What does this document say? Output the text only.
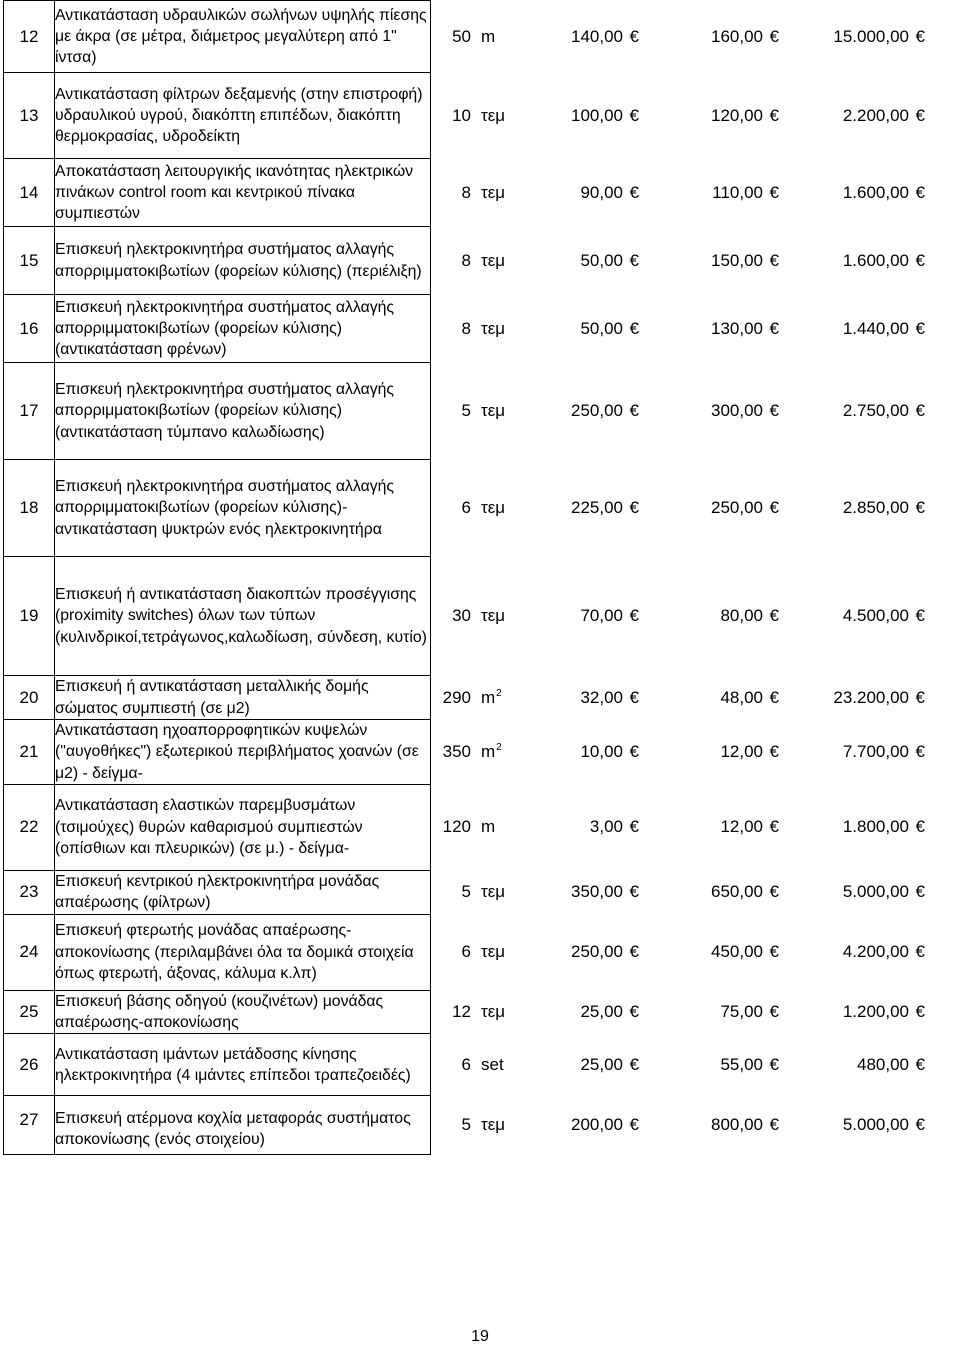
12	Αντικατάσταση υδραυλικών σωλήνων υψηλής πίεσης με άκρα (σε μέτρα, διάμετρος μεγαλύτερη από 1" ίντσα)	50 m 140,00 € 160,00 € 15.000,00 €

13	Αντικατάσταση φίλτρων δεξαμενής (στην επιστροφή) υδραυλικού υγρού, διακόπτη επιπέδων, διακόπτη θερμοκρασίας, υδροδείκτη	10 τεμ 100,00 € 120,00 € 2.200,00 €

14	Αποκατάσταση λειτουργικής ικανότητας ηλεκτρικών πινάκων control room και κεντρικού πίνακα συμπιεστών	8 τεμ 90,00 € 110,00 € 1.600,00 €

15	Επισκευή ηλεκτροκινητήρα συστήματος αλλαγής απορριμματοκιβωτίων (φορείων κύλισης) (περιέλιξη)	8 τεμ 50,00 € 150,00 € 1.600,00 €

16	Επισκευή ηλεκτροκινητήρα συστήματος αλλαγής απορριμματοκιβωτίων (φορείων κύλισης) (αντικατάσταση φρένων)	8 τεμ 50,00 € 130,00 € 1.440,00 €

17	Επισκευή ηλεκτροκινητήρα συστήματος αλλαγής απορριμματοκιβωτίων (φορείων κύλισης) (αντικατάσταση τύμπανο καλωδίωσης)	5 τεμ 250,00 € 300,00 € 2.750,00 €

18	Επισκευή ηλεκτροκινητήρα συστήματος αλλαγής απορριμματοκιβωτίων (φορείων κύλισης)- αντικατάσταση ψυκτρών ενός ηλεκτροκινητήρα	6 τεμ 225,00 € 250,00 € 2.850,00 €

19	Επισκευή ή αντικατάσταση διακοπτών προσέγγισης (proximity switches) όλων των τύπων (κυλινδρικοί,τετράγωνος,καλωδίωση, σύνδεση, κυτίο)	30 τεμ 70,00 € 80,00 € 4.500,00 €

20	Επισκευή ή αντικατάσταση μεταλλικής δομής σώματος συμπιεστή (σε μ2)	290 $m^2$ 32,00 € 48,00 € 23.200,00 €

21	Αντικατάσταση ηχοαπορροφητικών κυψελών ("αυγοθήκες") εξωτερικού περιβλήματος χοανών (σε μ2) - δείγμα-	350 $m^2$ 10,00 € 12,00 € 7.700,00 €

22	Αντικατάσταση ελαστικών παρεμβυσμάτων (τσιμούχες) θυρών καθαρισμού συμπιεστών (οπίσθιων και πλευρικών) (σε μ.) - δείγμα-	120 m 3,00 € 12,00 € 1.800,00 €

23	Επισκευή κεντρικού ηλεκτροκινητήρα μονάδας απαέρωσης (φίλτρων)	5 τεμ 350,00 € 650,00 € 5.000,00 €

24	Επισκευή φτερωτής μονάδας απαέρωσης-αποκονίωσης (περιλαμβάνει όλα τα δομικά στοιχεία όπως φτερωτή, άξονας, κάλυμα κ.λπ)	6 τεμ 250,00 € 450,00 € 4.200,00 €

25	Επισκευή βάσης οδηγού (κουζινέτων) μονάδας απαέρωσης-αποκονίωσης	12 τεμ 25,00 € 75,00 € 1.200,00 €

26	Αντικατάσταση ιμάντων μετάδοσης κίνησης ηλεκτροκινητήρα (4 ιμάντες επίπεδοι τραπεζοειδές)	6 set 25,00 € 55,00 € 480,00 €

27	Επισκευή ατέρμονα κοχλία μεταφοράς συστήματος αποκονίωσης (ενός στοιχείου)	5 τεμ 200,00 € 800,00 € 5.000,00 €
19
